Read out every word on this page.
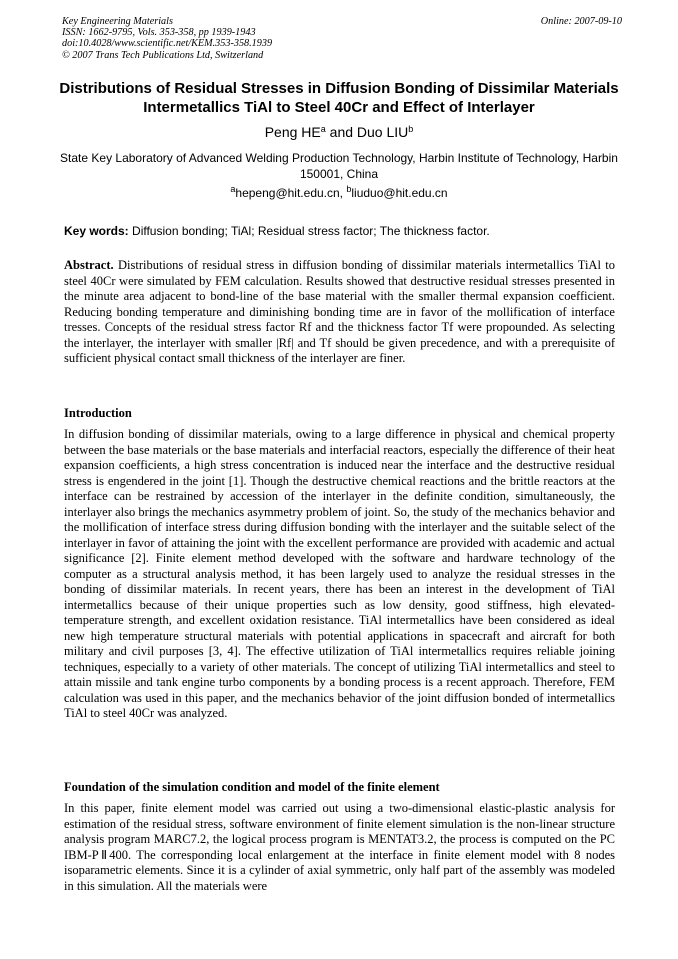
Key Engineering Materials
ISSN: 1662-9795, Vols. 353-358, pp 1939-1943
doi:10.4028/www.scientific.net/KEM.353-358.1939
© 2007 Trans Tech Publications Ltd, Switzerland
Online: 2007-09-10
Distributions of Residual Stresses in Diffusion Bonding of Dissimilar Materials Intermetallics TiAl to Steel 40Cr and Effect of Interlayer
Peng $HE^a$ and Duo LIU$^b$
State Key Laboratory of Advanced Welding Production Technology, Harbin Institute of Technology, Harbin 150001, China
$^a$hepeng@hit.edu.cn, $^b$liuduo@hit.edu.cn
Key words: Diffusion bonding; TiAl; Residual stress factor; The thickness factor.

Abstract. Distributions of residual stress in diffusion bonding of dissimilar materials intermetallics TiAl to steel 40Cr were simulated by FEM calculation. Results showed that destructive residual stresses presented in the minute area adjacent to bond-line of the base material with the smaller thermal expansion coefficient. Reducing bonding temperature and diminishing bonding time are in favor of the mollification of interface tresses. Concepts of the residual stress factor Rf and the thickness factor Tf were propounded. As selecting the interlayer, the interlayer with smaller |Rf| and Tf should be given precedence, and with a prerequisite of sufficient physical contact small thickness of the interlayer are finer.

Introduction

In diffusion bonding of dissimilar materials, owing to a large difference in physical and chemical property between the base materials or the base materials and interfacial reactors, especially the difference of their heat expansion coefficients, a high stress concentration is induced near the interface and the destructive residual stress is engendered in the joint [1]. Though the destructive chemical reactions and the brittle reactors at the interface can be restrained by accession of the interlayer in the definite condition, simultaneously, the interlayer also brings the mechanics asymmetry problem of joint. So, the study of the mechanics behavior and the mollification of interface stress during diffusion bonding with the interlayer and the suitable select of the interlayer in favor of attaining the joint with the excellent performance are provided with academic and actual significance [2]. Finite element method developed with the software and hardware technology of the computer as a structural analysis method, it has been largely used to analyze the residual stresses in the bonding of dissimilar materials. In recent years, there has been an interest in the development of TiAl intermetallics because of their unique properties such as low density, good stiffness, high elevated-temperature strength, and excellent oxidation resistance. TiAl intermetallics have been considered as ideal new high temperature structural materials with potential applications in spacecraft and aircraft for both military and civil purposes [3, 4]. The effective utilization of TiAl intermetallics requires reliable joining techniques, especially to a variety of other materials. The concept of utilizing TiAl intermetallics and steel to attain missile and tank engine turbo components by a bonding process is a recent approach. Therefore, FEM calculation was used in this paper, and the mechanics behavior of the joint diffusion bonded of intermetallics TiAl to steel 40Cr was analyzed.

Foundation of the simulation condition and model of the finite element

In this paper, finite element model was carried out using a two-dimensional elastic-plastic analysis for estimation of the residual stress, software environment of finite element simulation is the non-linear structure analysis program MARC7.2, the logical process program is MENTAT3.2, the process is computed on the PC IBM-PⅡ400. The corresponding local enlargement at the interface in finite element model with 8 nodes isoparametric elements. Since it is a cylinder of axial symmetric, only half part of the assembly was modeled in this simulation. All the materials were
